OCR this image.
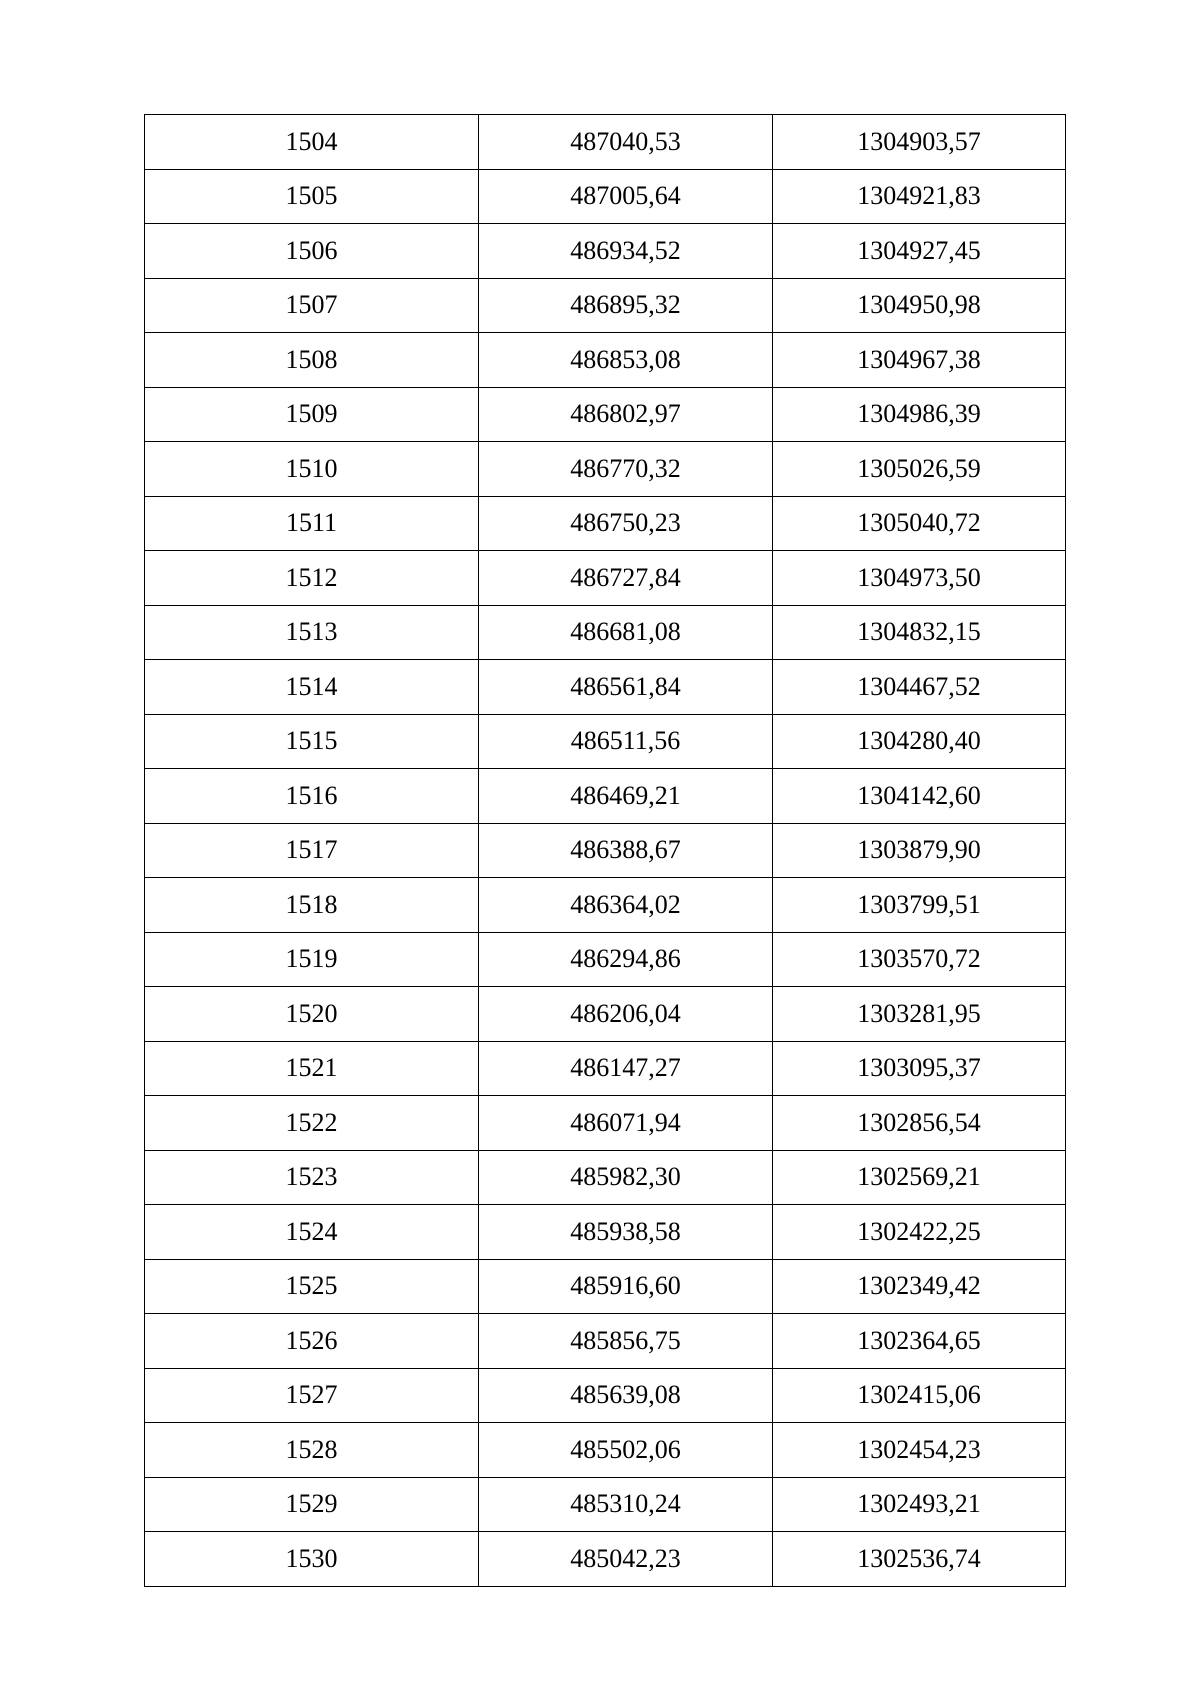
1504	487040,53	1304903,57
1505	487005,64	1304921,83
1506	486934,52	1304927,45
1507	486895,32	1304950,98
1508	486853,08	1304967,38
1509	486802,97	1304986,39
1510	486770,32	1305026,59
1511	486750,23	1305040,72
1512	486727,84	1304973,50
1513	486681,08	1304832,15
1514	486561,84	1304467,52
1515	486511,56	1304280,40
1516	486469,21	1304142,60
1517	486388,67	1303879,90
1518	486364,02	1303799,51
1519	486294,86	1303570,72
1520	486206,04	1303281,95
1521	486147,27	1303095,37
1522	486071,94	1302856,54
1523	485982,30	1302569,21
1524	485938,58	1302422,25
1525	485916,60	1302349,42
1526	485856,75	1302364,65
1527	485639,08	1302415,06
1528	485502,06	1302454,23
1529	485310,24	1302493,21
1530	485042,23	1302536,74
